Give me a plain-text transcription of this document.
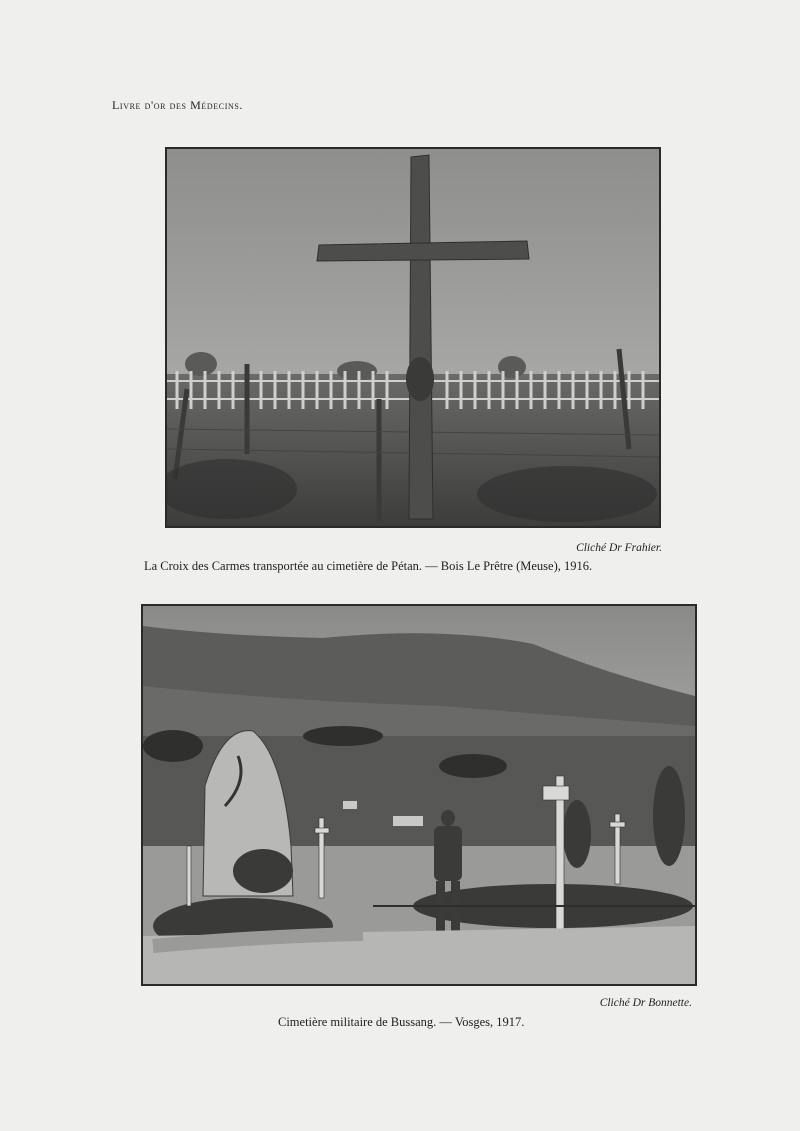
Livre d'or des Médecins.
Cliché Dr Frahier.
La Croix des Carmes transportée au cimetière de Pétan. — Bois Le Prêtre (Meuse), 1916.
Cliché Dr Bonnette.
Cimetière militaire de Bussang. — Vosges, 1917.
